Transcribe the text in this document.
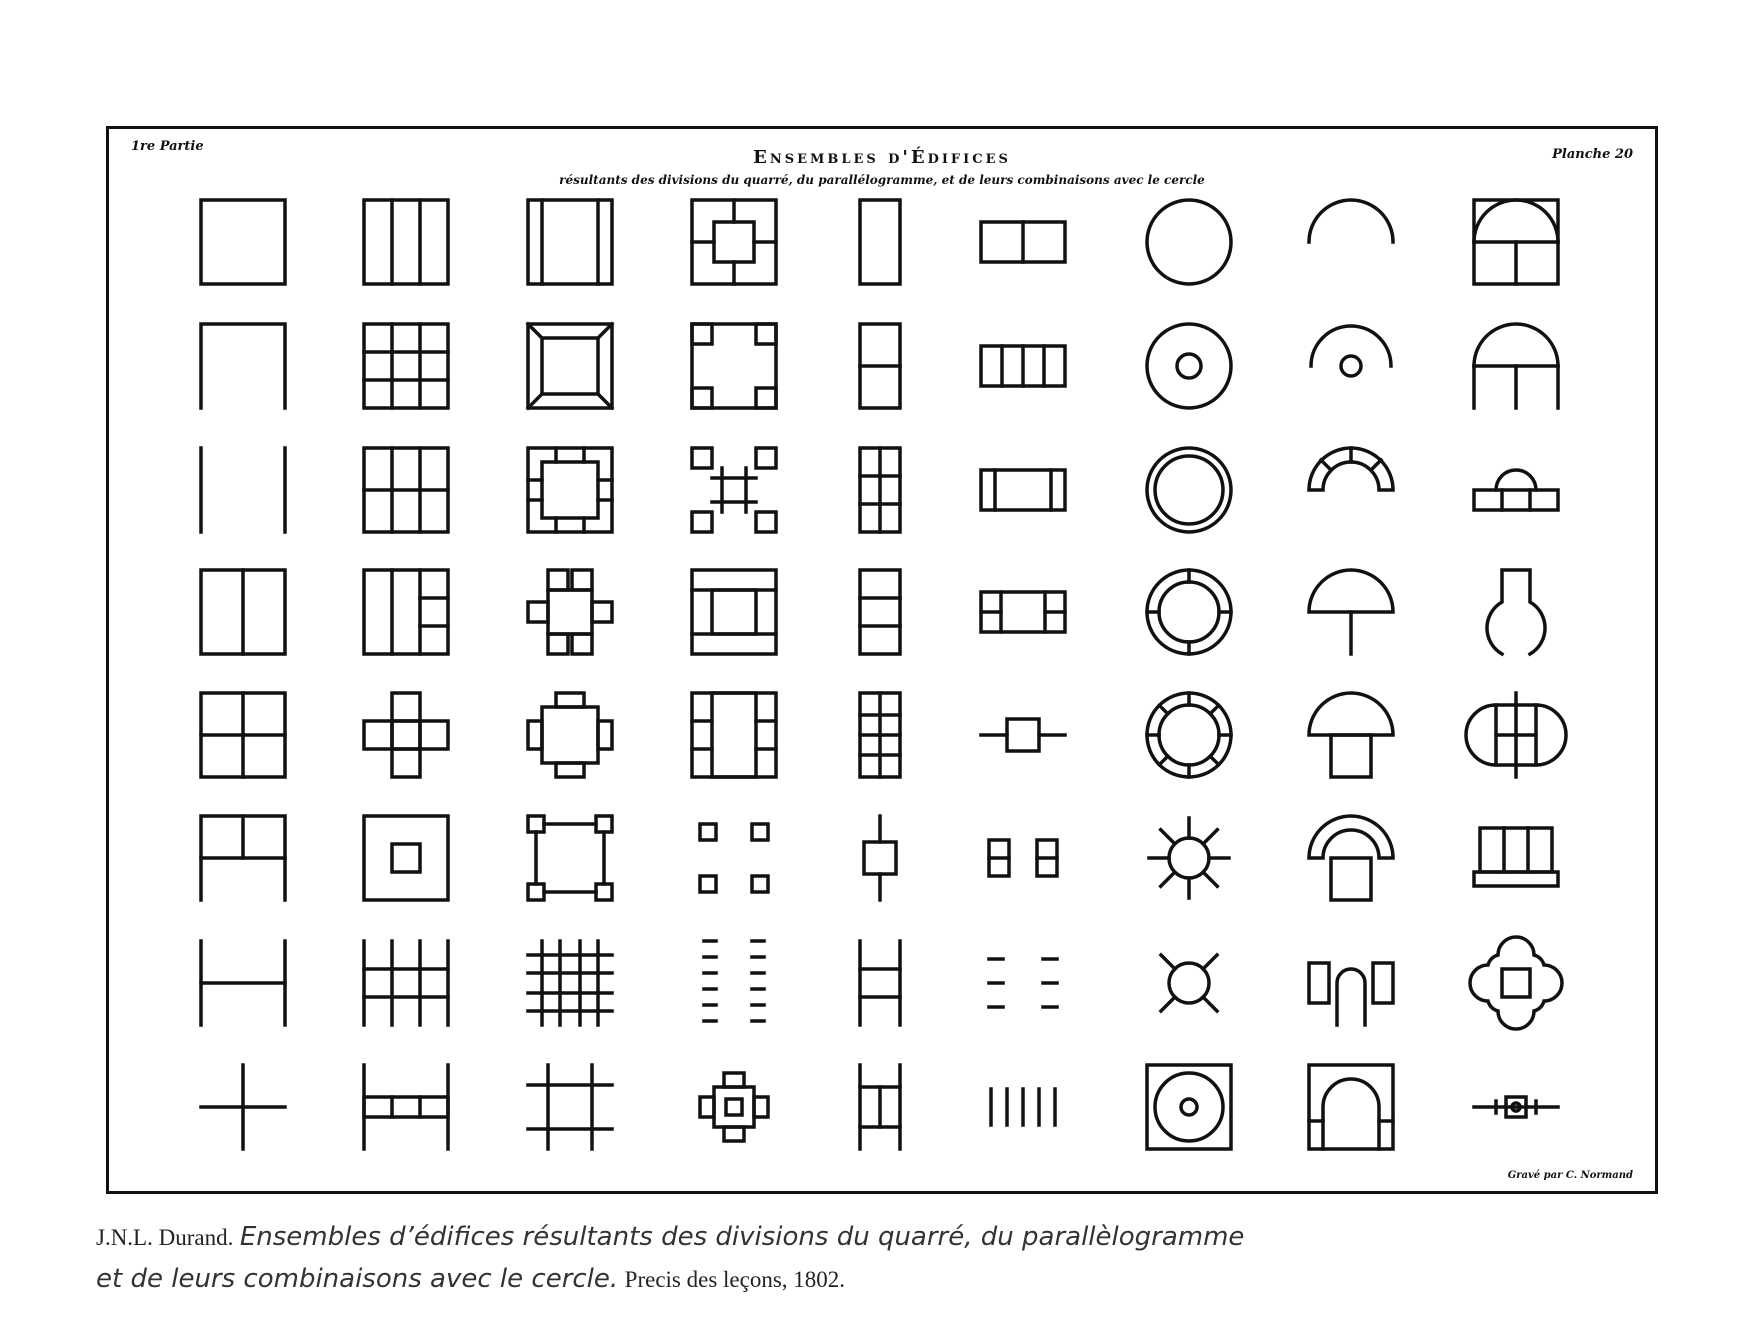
1re Partie
Ensembles d'Édifices
résultants des divisions du quarré, du parallélogramme, et de leurs combinaisons avec le cercle
Planche 20
Gravé par C. Normand
J.N.L. Durand. Ensembles d’édifices résultants des divisions du quarré, du parallèlogramme
et de leurs combinaisons avec le cercle. Precis des leçons, 1802.
